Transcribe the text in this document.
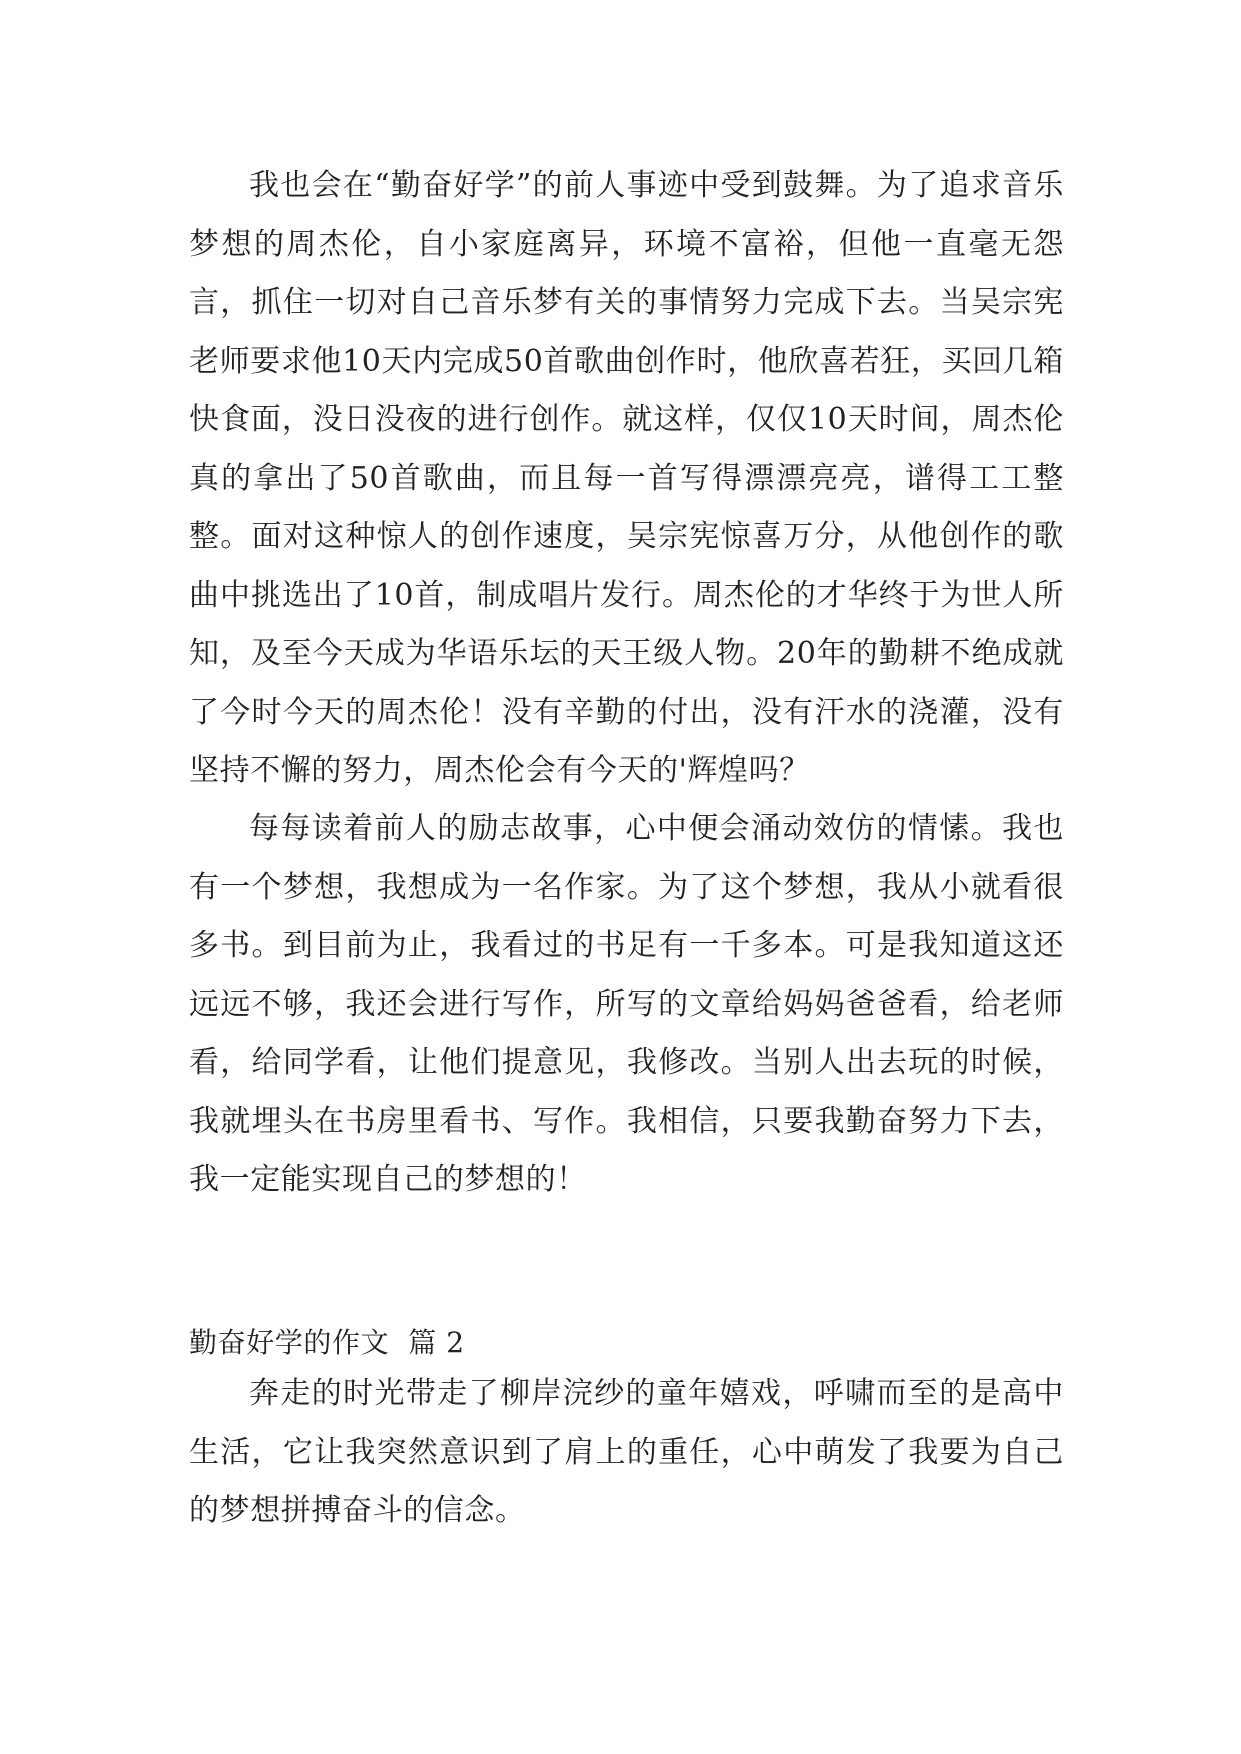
我也会在“勤奋好学”的前人事迹中受到鼓舞。为了追求音乐梦想的周杰伦，自小家庭离异，环境不富裕，但他一直毫无怨言，抓住一切对自己音乐梦有关的事情努力完成下去。当吴宗宪老师要求他10天内完成50首歌曲创作时，他欣喜若狂，买回几箱快食面，没日没夜的进行创作。就这样，仅仅10天时间，周杰伦真的拿出了50首歌曲，而且每一首写得漂漂亮亮，谱得工工整整。面对这种惊人的创作速度，吴宗宪惊喜万分，从他创作的歌曲中挑选出了10首，制成唱片发行。周杰伦的才华终于为世人所知，及至今天成为华语乐坛的天王级人物。20年的勤耕不绝成就了今时今天的周杰伦！没有辛勤的付出，没有汗水的浇灌，没有坚持不懈的努力，周杰伦会有今天的'辉煌吗？

每每读着前人的励志故事，心中便会涌动效仿的情愫。我也有一个梦想，我想成为一名作家。为了这个梦想，我从小就看很多书。到目前为止，我看过的书足有一千多本。可是我知道这还远远不够，我还会进行写作，所写的文章给妈妈爸爸看，给老师看，给同学看，让他们提意见，我修改。当别人出去玩的时候，我就埋头在书房里看书、写作。我相信，只要我勤奋努力下去，我一定能实现自己的梦想的！

勤奋好学的作文  篇 2

奔走的时光带走了柳岸浣纱的童年嬉戏，呼啸而至的是高中生活，它让我突然意识到了肩上的重任，心中萌发了我要为自己的梦想拼搏奋斗的信念。
